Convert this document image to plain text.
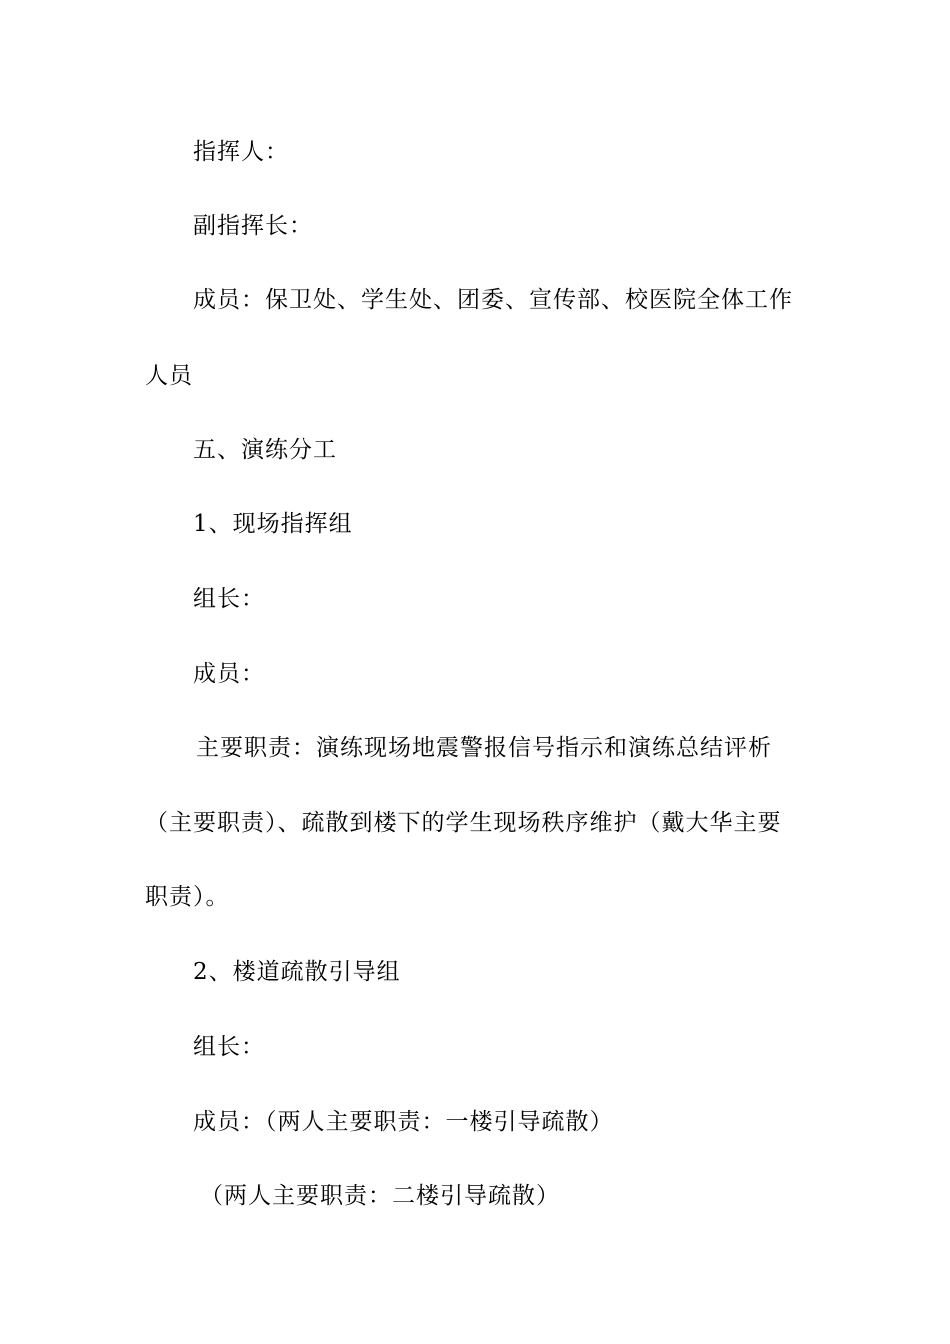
指挥人：
副指挥长：
成员：保卫处、学生处、团委、宣传部、校医院全体工作
人员
五、演练分工
1、现场指挥组
组长：
成员：
主要职责：演练现场地震警报信号指示和演练总结评析
（主要职责）、疏散到楼下的学生现场秩序维护（戴大华主要
职责）。
2、楼道疏散引导组
组长：
成员：（两人主要职责：一楼引导疏散）
（两人主要职责：二楼引导疏散）
